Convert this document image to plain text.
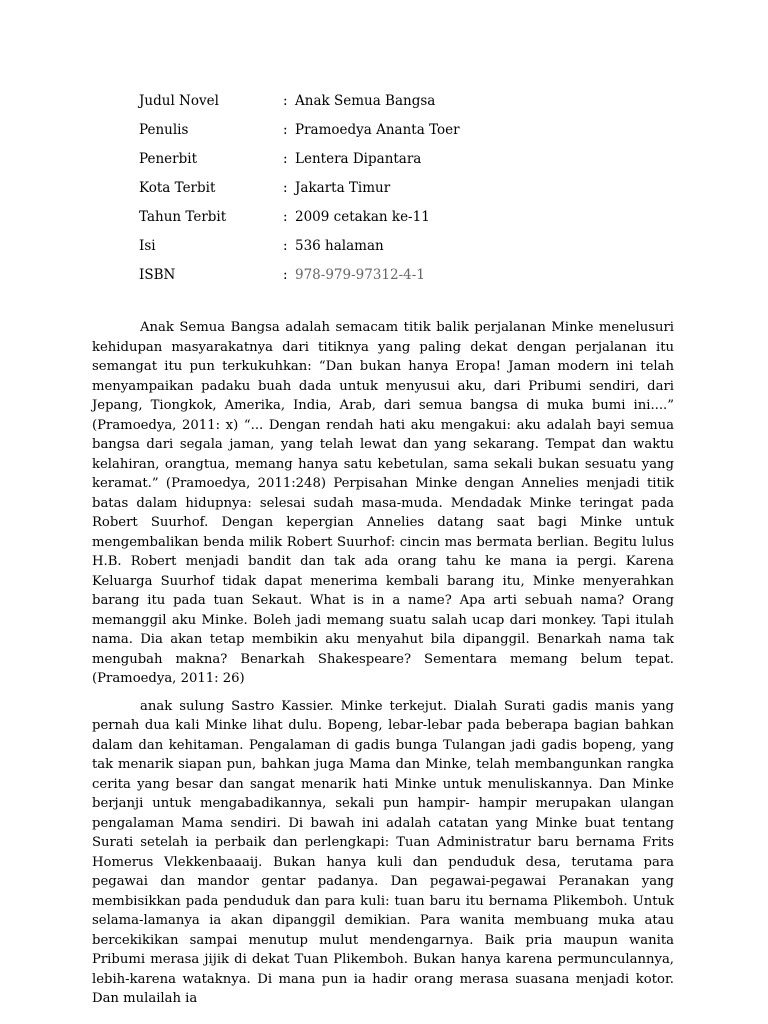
Judul Novel	: Anak Semua Bangsa
Penulis	: Pramoedya Ananta Toer
Penerbit	: Lentera Dipantara
Kota Terbit	: Jakarta Timur
Tahun Terbit	: 2009 cetakan ke-11
Isi	: 536 halaman
ISBN	: 978-979-97312-4-1

Anak Semua Bangsa adalah semacam titik balik perjalanan Minke menelusuri kehidupan masyarakatnya dari titiknya yang paling dekat dengan perjalanan itu semangat itu pun terkukuhkan: “Dan bukan hanya Eropa! Jaman modern ini telah menyampaikan padaku buah dada untuk menyusui aku, dari Pribumi sendiri, dari Jepang, Tiongkok, Amerika, India, Arab, dari semua bangsa di muka bumi ini....” (Pramoedya, 2011: x) “... Dengan rendah hati aku mengakui: aku adalah bayi semua bangsa dari segala jaman, yang telah lewat dan yang sekarang. Tempat dan waktu kelahiran, orangtua, memang hanya satu kebetulan, sama sekali bukan sesuatu yang keramat.” (Pramoedya, 2011:248) Perpisahan Minke dengan Annelies menjadi titik batas dalam hidupnya: selesai sudah masa-muda. Mendadak Minke teringat pada Robert Suurhof. Dengan kepergian Annelies datang saat bagi Minke untuk mengembalikan benda milik Robert Suurhof: cincin mas bermata berlian. Begitu lulus H.B. Robert menjadi bandit dan tak ada orang tahu ke mana ia pergi. Karena Keluarga Suurhof tidak dapat menerima kembali barang itu, Minke menyerahkan barang itu pada tuan Sekaut. What is in a name? Apa arti sebuah nama? Orang memanggil aku Minke. Boleh jadi memang suatu salah ucap dari monkey. Tapi itulah nama. Dia akan tetap membikin aku menyahut bila dipanggil. Benarkah nama tak mengubah makna? Benarkah Shakespeare? Sementara memang belum tepat. (Pramoedya, 2011: 26)

anak sulung Sastro Kassier. Minke terkejut. Dialah Surati gadis manis yang pernah dua kali Minke lihat dulu. Bopeng, lebar-lebar pada beberapa bagian bahkan dalam dan kehitaman. Pengalaman di gadis bunga Tulangan jadi gadis bopeng, yang tak menarik siapan pun, bahkan juga Mama dan Minke, telah membangunkan rangka cerita yang besar dan sangat menarik hati Minke untuk menuliskannya. Dan Minke berjanji untuk mengabadikannya, sekali pun hampir- hampir merupakan ulangan pengalaman Mama sendiri. Di bawah ini adalah catatan yang Minke buat tentang Surati setelah ia perbaik dan perlengkapi: Tuan Administratur baru bernama Frits Homerus Vlekkenbaaaij. Bukan hanya kuli dan penduduk desa, terutama para pegawai dan mandor gentar padanya. Dan pegawai-pegawai Peranakan yang membisikkan pada penduduk dan para kuli: tuan baru itu bernama Plikemboh. Untuk selama-lamanya ia akan dipanggil demikian. Para wanita membuang muka atau bercekikikan sampai menutup mulut mendengarnya. Baik pria maupun wanita Pribumi merasa jijik di dekat Tuan Plikemboh. Bukan hanya karena permunculannya, lebih-karena wataknya. Di mana pun ia hadir orang merasa suasana menjadi kotor. Dan mulailah ia
